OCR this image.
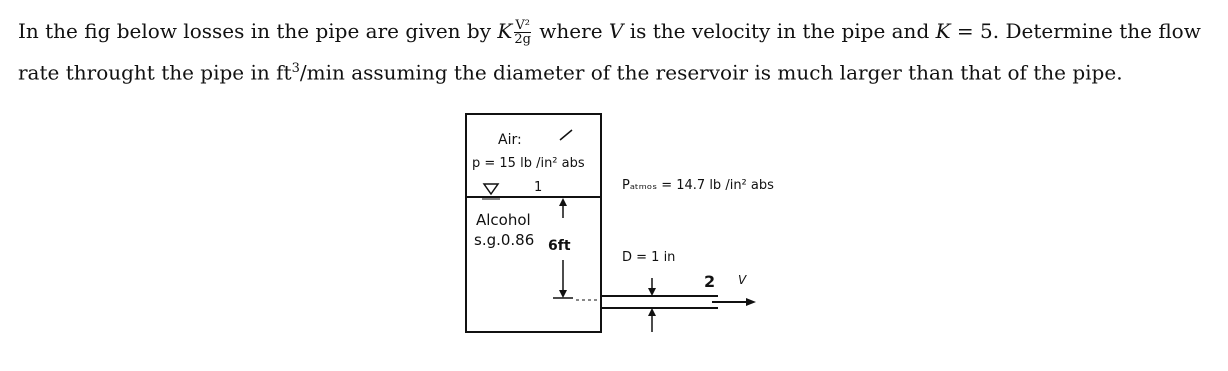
In the fig below losses in the pipe are given by K $\frac{\text{V²}}{2g}$ where V is the velocity in the pipe and K = 5. Determine the flow rate throught the pipe in $ft^3/\min$ assuming the diameter of the reservoir is much larger than that of the pipe.
Air:
p = 15 lb /in² abs
1
Alcohol
s.g.0.86 6ft
Pₐₜₘₒₛ = 14.7 lb /in² abs
D = 1 in
2 V
